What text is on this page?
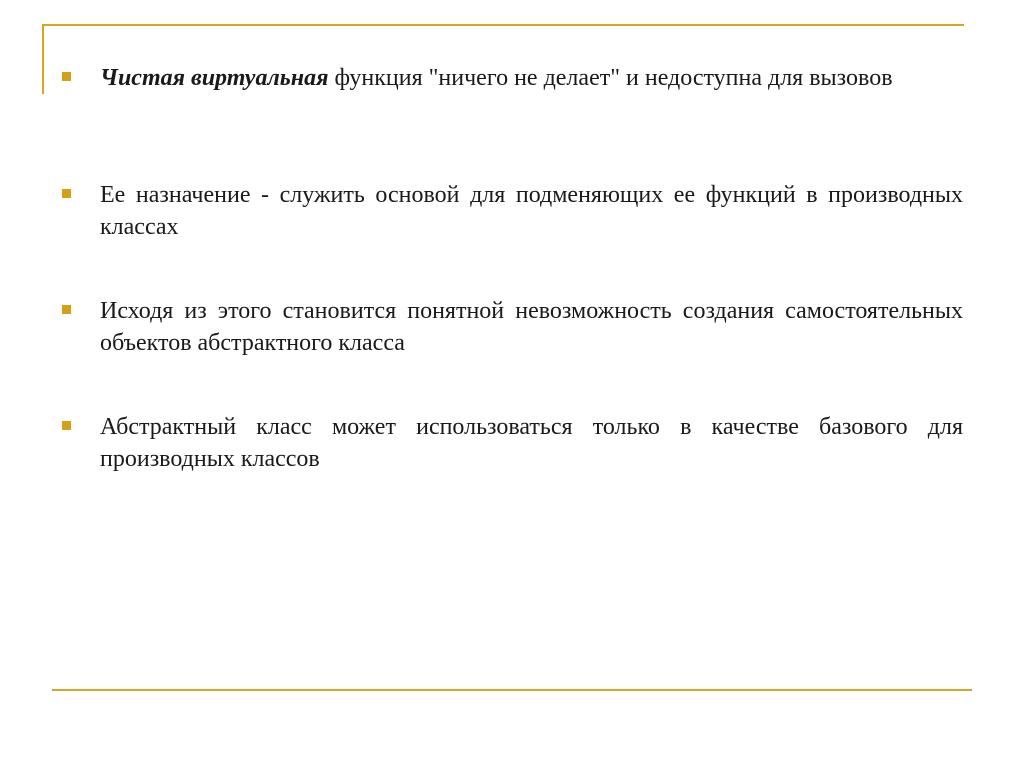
Чистая виртуальная функция "ничего не делает" и недоступна для вызовов
Ее назначение - служить основой для подменяющих ее функций в производных классах
Исходя из этого становится понятной невозможность создания самостоятельных объектов абстрактного класса
Абстрактный класс может использоваться только в качестве базового для производных классов
